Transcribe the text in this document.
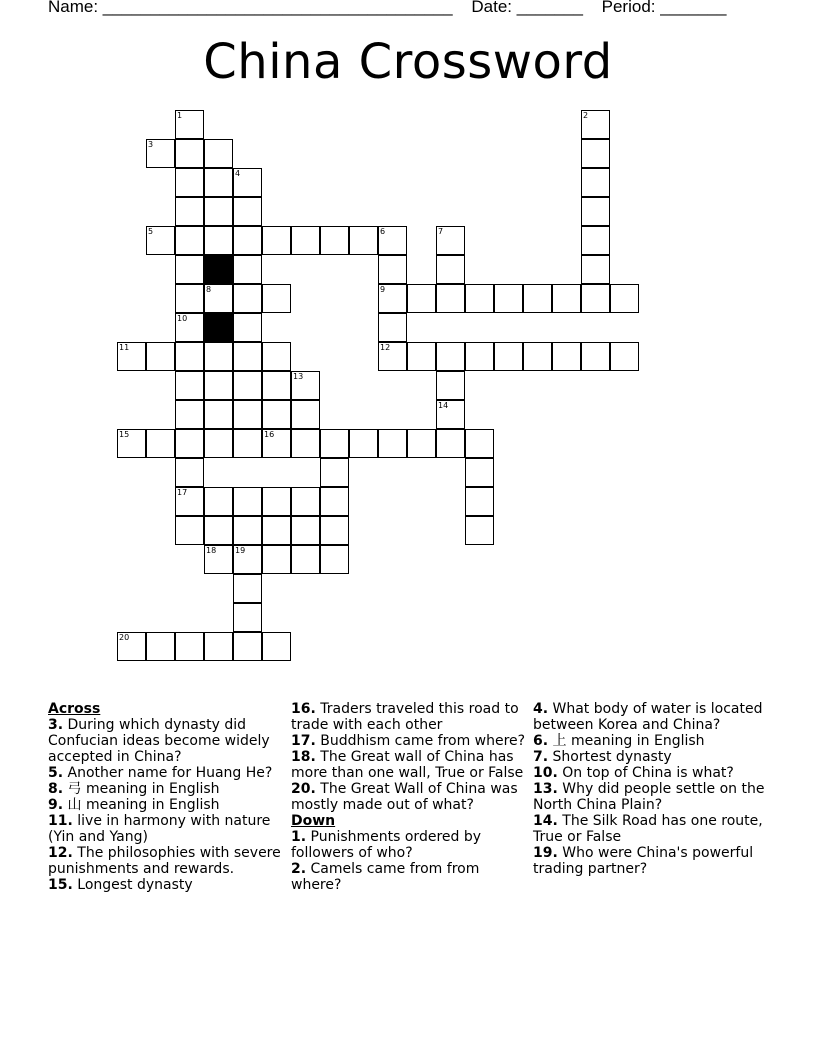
Name: _____________________________________ Date: _______ Period: _______
China Crossword
1	2
3
4
5	6	7
8	9
10
11	12
13
14
15	16
17
18 19
20
Across
3. During which dynasty did Confucian ideas become widely accepted in China?
5. Another name for Huang He?
8. 弓 meaning in English
9. 山 meaning in English
11. live in harmony with nature (Yin and Yang)
12. The philosophies with severe punishments and rewards.
15. Longest dynasty
16. Traders traveled this road to trade with each other
17. Buddhism came from where?
18. The Great wall of China has more than one wall, True or False
20. The Great Wall of China was mostly made out of what?
Down
1. Punishments ordered by followers of who?
2. Camels came from from where?
4. What body of water is located between Korea and China?
6. 上 meaning in English
7. Shortest dynasty
10. On top of China is what?
13. Why did people settle on the North China Plain?
14. The Silk Road has one route, True or False
19. Who were China's powerful trading partner?
